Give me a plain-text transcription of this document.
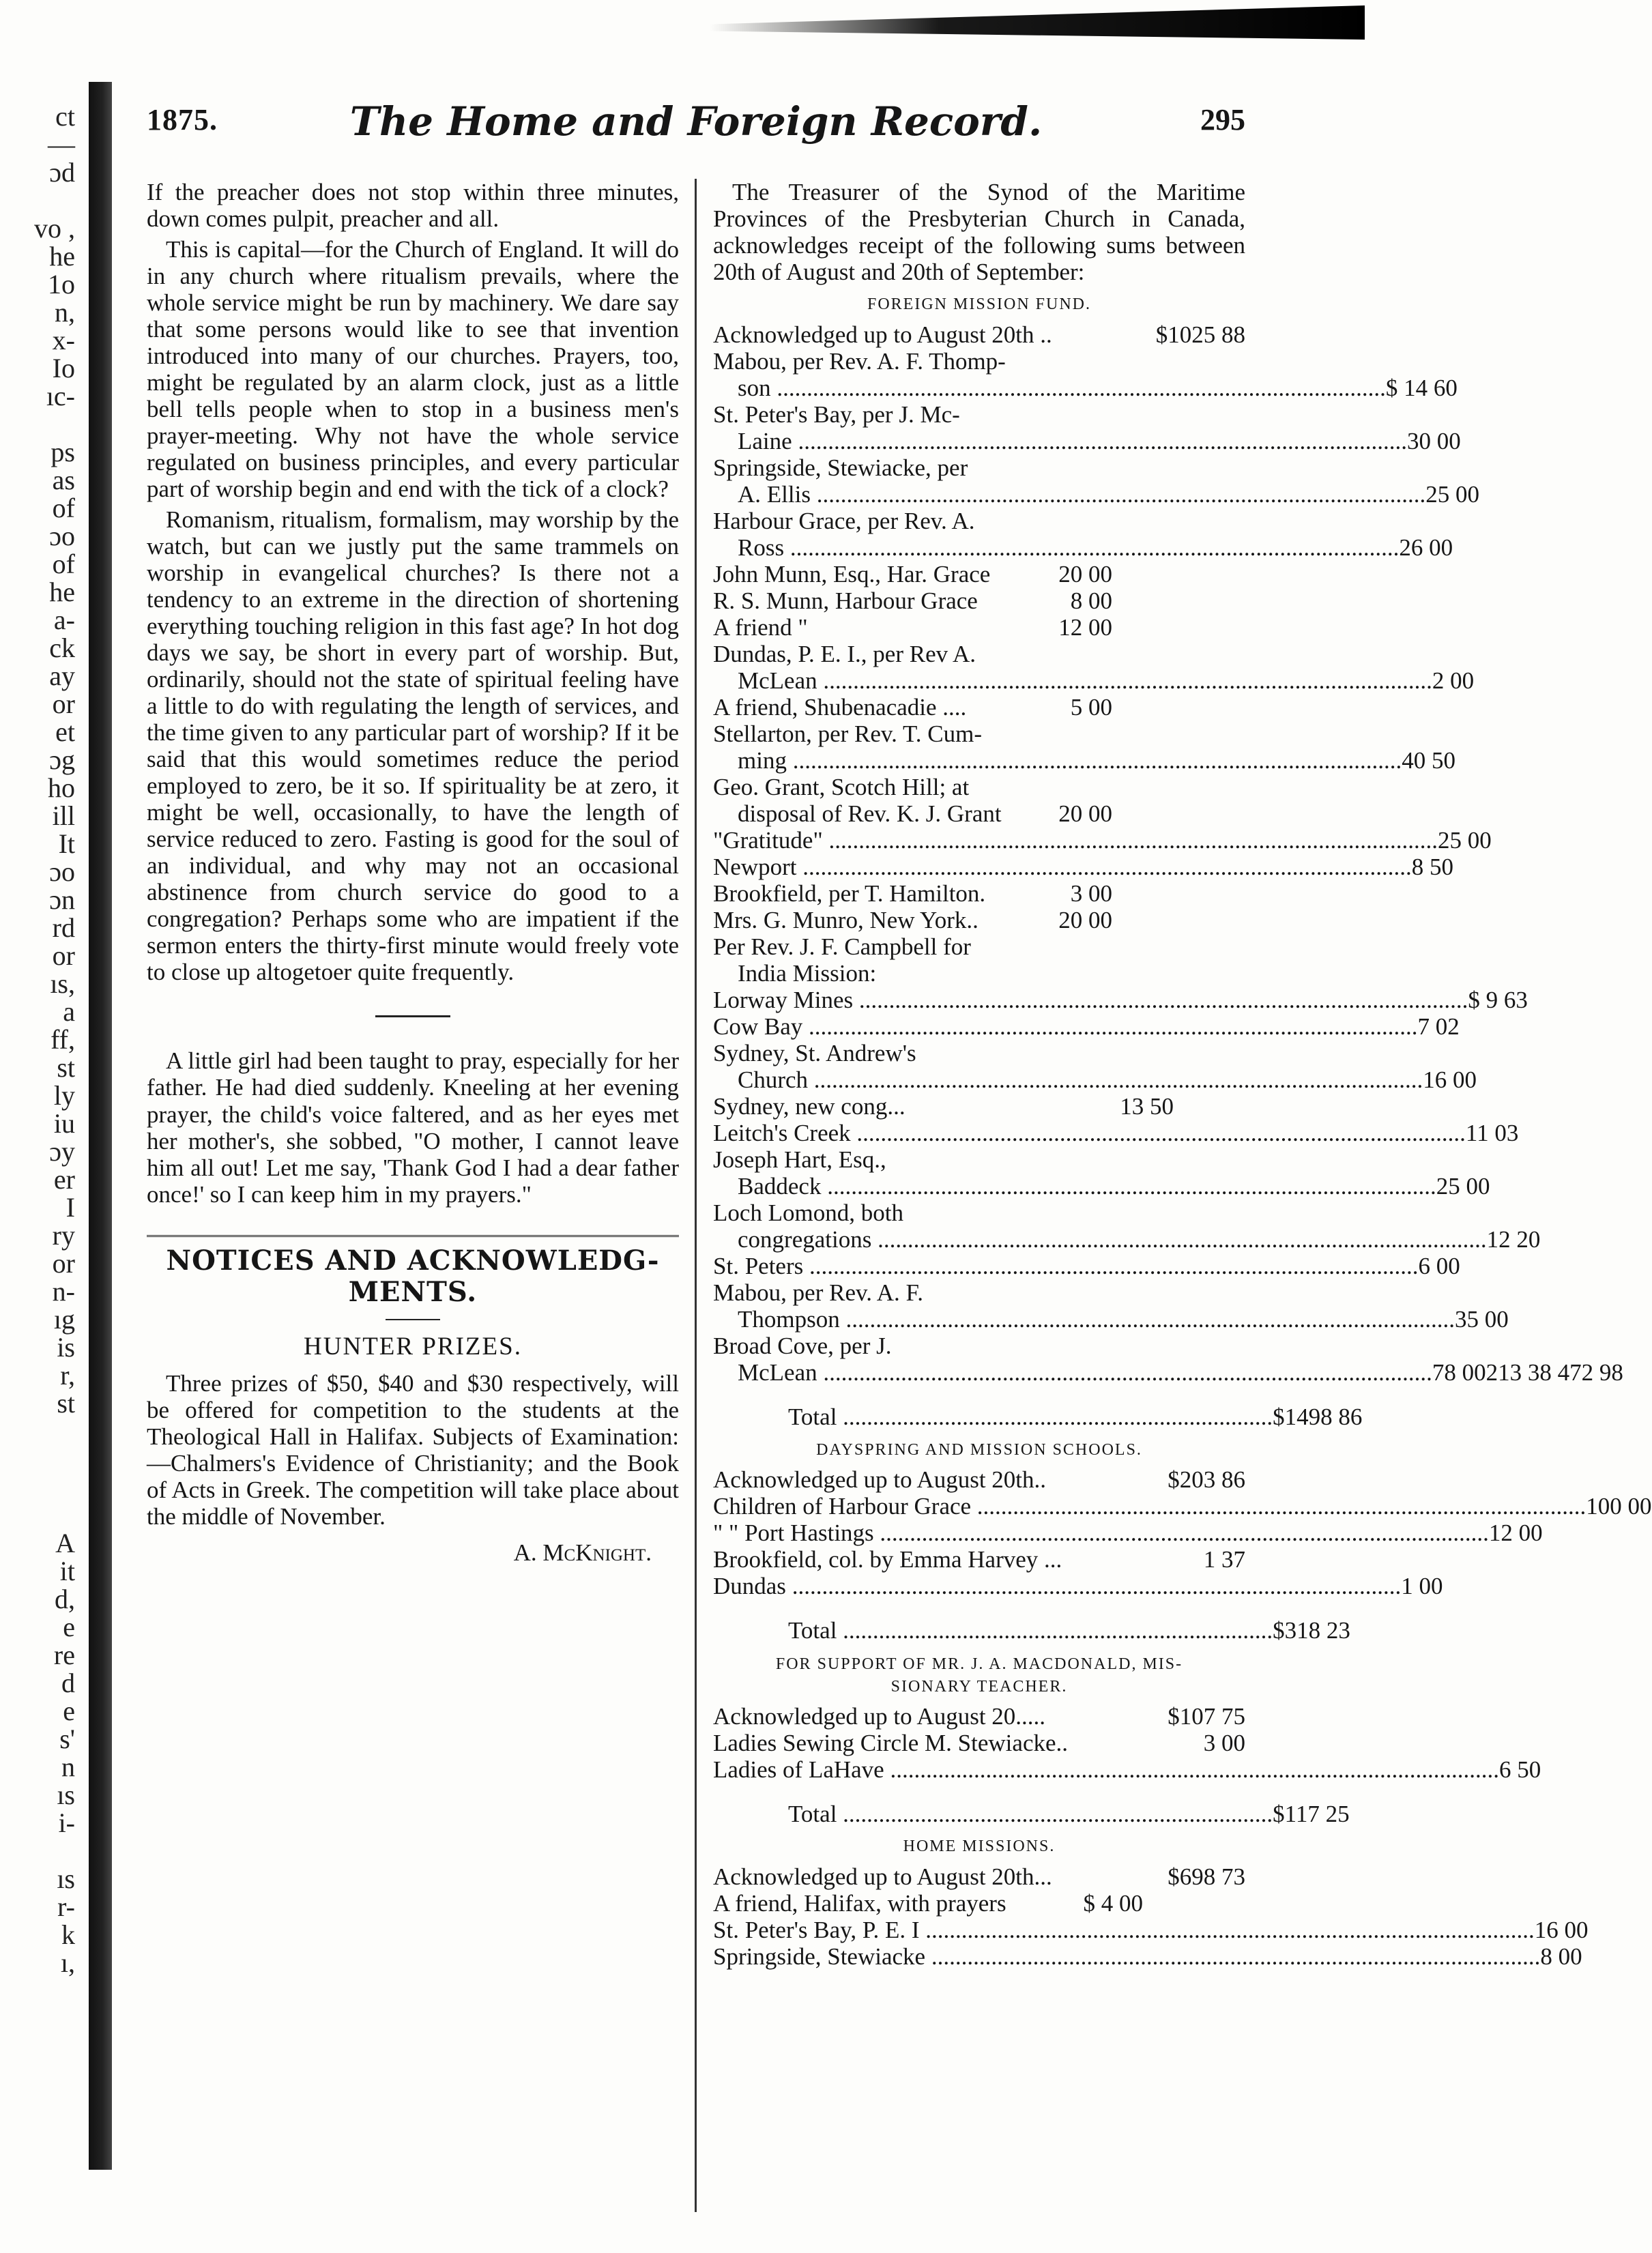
ct
—
ɔd
vo ,
he
1o
n,
x-
Io
ıc-
ps
as
of
ɔo
of
he
a-
ck
ay
or
et
ɔg
ho
ill
It
ɔo
ɔn
rd
or
ıs,
a
ff,
st
ly
iu
ɔy
er
I
ry
or
n-
ıg
is
r,
st
A
it
d,
e
re
d
e
s'
n
ıs
i-
ıs
r-
k
ı,
1875.	The Home and Foreign Record.	295

If the preacher does not stop within three minutes, down comes pulpit, preacher and all.

This is capital—for the Church of England. It will do in any church where ritualism prevails, where the whole service might be run by machinery. We dare say that some persons would like to see that invention introduced into many of our churches. Prayers, too, might be regulated by an alarm clock, just as a little bell tells people when to stop in a business men's prayer-meeting. Why not have the whole service regulated on business principles, and every particular part of worship begin and end with the tick of a clock?

Romanism, ritualism, formalism, may worship by the watch, but can we justly put the same trammels on worship in evangelical churches? Is there not a tendency to an extreme in the direction of shortening everything touching religion in this fast age? In hot dog days we say, be short in every part of worship. But, ordinarily, should not the state of spiritual feeling have a little to do with regulating the length of services, and the time given to any particular part of worship? If it be said that this would sometimes reduce the period employed to zero, be it so. If spirituality be at zero, it might be well, occasionally, to have the length of service reduced to zero. Fasting is good for the soul of an individual, and why may not an occasional abstinence from church service do good to a congregation? Perhaps some who are impatient if the sermon enters the thirty-first minute would freely vote to close up altogetoer quite frequently.

A little girl had been taught to pray, especially for her father. He had died suddenly. Kneeling at her evening prayer, the child's voice faltered, and as her eyes met her mother's, she sobbed, "O mother, I cannot leave him all out! Let me say, 'Thank God I had a dear father once!' so I can keep him in my prayers."

NOTICES AND ACKNOWLEDG-
MENTS.
HUNTER PRIZES.

Three prizes of $50, $40 and $30 respectively, will be offered for competition to the students at the Theological Hall in Halifax. Subjects of Examination:—Chalmers's Evidence of Christianity; and the Book of Acts in Greek. The competition will take place about the middle of November.

A. McKnight.

The Treasurer of the Synod of the Maritime Provinces of the Presbyterian Church in Canada, acknowledges receipt of the following sums between 20th of August and 20th of September:

FOREIGN MISSION FUND.
Acknowledged up to August 20th ..	$1025 88
Mabou, per Rev. A. F. Thomp-
son .....	$ 14 60
St. Peter's Bay, per J. Mc-
Laine .....	30 00
Springside, Stewiacke, per
A. Ellis .....	25 00
Harbour Grace, per Rev. A.
Ross .....	26 00
John Munn, Esq., Har. Grace	20 00
R. S. Munn, Harbour Grace	8 00
A friend "	12 00
Dundas, P. E. I., per Rev A.
McLean .....	2 00
A friend, Shubenacadie ....	5 00
Stellarton, per Rev. T. Cum-
ming .....	40 50
Geo. Grant, Scotch Hill; at
disposal of Rev. K. J. Grant	20 00
"Gratitude" .....	25 00
Newport .....	8 50
Brookfield, per T. Hamilton.	3 00
Mrs. G. Munro, New York..	20 00
Per Rev. J. F. Campbell for
India Mission:
Lorway Mines .....	$ 9 63
Cow Bay .....	7 02
Sydney, St. Andrew's
Church .....	16 00
Sydney, new cong...	13 50
Leitch's Creek .....	11 03
Joseph Hart, Esq.,
Baddeck .....	25 00
Loch Lomond, both
congregations .....	12 20
St. Peters .....	6 00
Mabou, per Rev. A. F.
Thompson .....	35 00
Broad Cove, per J.
McLean .....	78 00 213 38 472 98
Total .....	$1498 86
DAYSPRING AND MISSION SCHOOLS.
Acknowledged up to August 20th..	$203 86
Children of Harbour Grace .....	100 00
" " Port Hastings .....	12 00
Brookfield, col. by Emma Harvey ...	1 37
Dundas .....	1 00
Total .....	$318 23
FOR SUPPORT OF MR. J. A. MACDONALD, MIS-
SIONARY TEACHER.
Acknowledged up to August 20.....	$107 75
Ladies Sewing Circle M. Stewiacke..	3 00
Ladies of LaHave .....	6 50
Total .....	$117 25
HOME MISSIONS.
Acknowledged up to August 20th...	$698 73
A friend, Halifax, with prayers	$ 4 00
St. Peter's Bay, P. E. I .....	16 00
Springside, Stewiacke .....	8 00
